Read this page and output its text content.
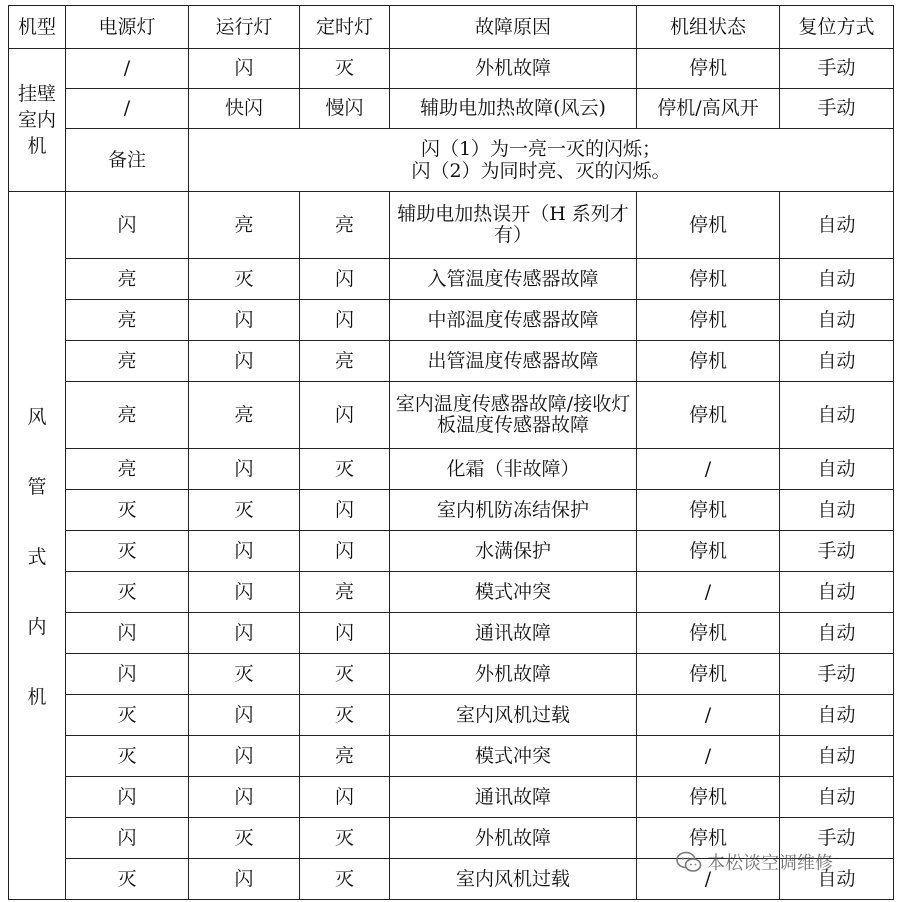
机型	电源灯	运行灯	定时灯	故障原因	机组状态	复位方式
挂壁室内机	/	闪	灭	外机故障	停机	手动
	/	快闪	慢闪	辅助电加热故障(风云)	停机/高风开	手动
	备注	闪（1）为一亮一灭的闪烁；
闪（2）为同时亮、灭的闪烁。				

风管式内机	闪	亮	亮	辅助电加热误开（H 系列才有）	停机	自动
	亮	灭	闪	入管温度传感器故障	停机	自动
	亮	闪	闪	中部温度传感器故障	停机	自动
	亮	闪	亮	出管温度传感器故障	停机	自动
	亮	亮	闪	室内温度传感器故障/接收灯板温度传感器故障	停机	自动
	亮	闪	灭	化霜（非故障）	/	自动
	灭	灭	闪	室内机防冻结保护	停机	自动
	灭	闪	闪	水满保护	停机	手动
	灭	闪	亮	模式冲突	/	自动
	闪	闪	闪	通讯故障	停机	自动
	闪	灭	灭	外机故障	停机	手动
	灭	闪	灭	室内风机过载	/	自动
	灭	闪	亮	模式冲突	/	自动
	闪	闪	闪	通讯故障	停机	自动
	闪	灭	灭	外机故障	停机	手动
	灭	闪	灭	室内风机过载	/	自动
本松谈空调维修
